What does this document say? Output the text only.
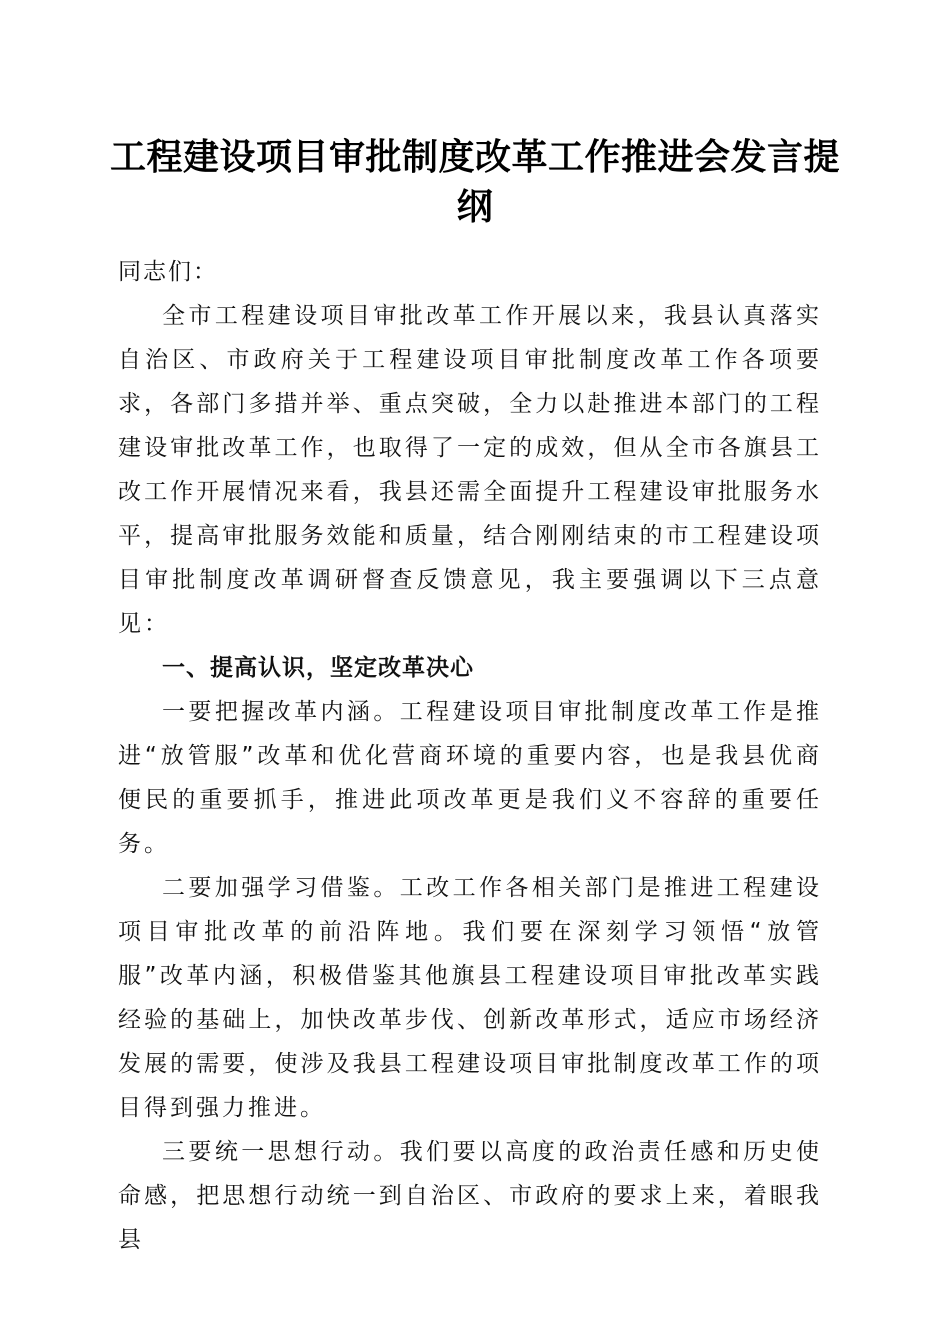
工程建设项目审批制度改革工作推进会发言提纲

同志们：

全市工程建设项目审批改革工作开展以来，我县认真落实自治区、市政府关于工程建设项目审批制度改革工作各项要求，各部门多措并举、重点突破，全力以赴推进本部门的工程建设审批改革工作，也取得了一定的成效，但从全市各旗县工改工作开展情况来看，我县还需全面提升工程建设审批服务水平，提高审批服务效能和质量，结合刚刚结束的市工程建设项目审批制度改革调研督查反馈意见，我主要强调以下三点意见：

一、提高认识，坚定改革决心

一要把握改革内涵。工程建设项目审批制度改革工作是推进“放管服”改革和优化营商环境的重要内容，也是我县优商便民的重要抓手，推进此项改革更是我们义不容辞的重要任务。

二要加强学习借鉴。工改工作各相关部门是推进工程建设项目审批改革的前沿阵地。我们要在深刻学习领悟“放管服”改革内涵，积极借鉴其他旗县工程建设项目审批改革实践经验的基础上，加快改革步伐、创新改革形式，适应市场经济发展的需要，使涉及我县工程建设项目审批制度改革工作的项目得到强力推进。

三要统一思想行动。我们要以高度的政治责任感和历史使命感，把思想行动统一到自治区、市政府的要求上来，着眼我县
